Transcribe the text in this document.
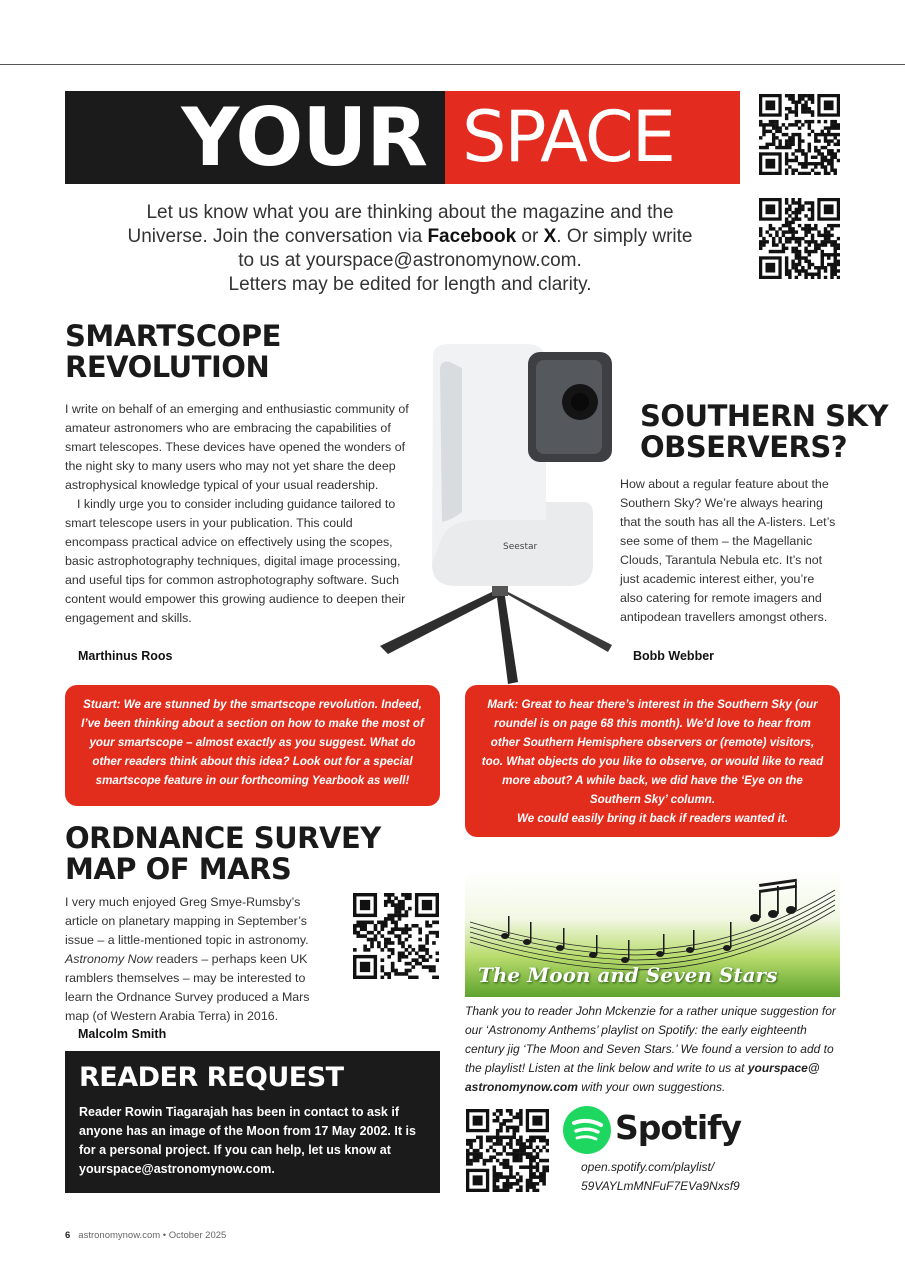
YOUR SPACE
Let us know what you are thinking about the magazine and the
Universe. Join the conversation via Facebook or X. Or simply write
to us at yourspace@astronomynow.com.
Letters may be edited for length and clarity.
SMARTSCOPE
REVOLUTION

I write on behalf of an emerging and enthusiastic community of amateur astronomers who are embracing the capabilities of smart telescopes. These devices have opened the wonders of the night sky to many users who may not yet share the deep astrophysical knowledge typical of your usual readership.

I kindly urge you to consider including guidance tailored to smart telescope users in your publication. This could encompass practical advice on effectively using the scopes, basic astrophotography techniques, digital image processing, and useful tips for common astrophotography software. Such content would empower this growing audience to deepen their engagement and skills.

Marthinus Roos
Seestar
SOUTHERN SKY
OBSERVERS?

How about a regular feature about the Southern Sky? We’re always hearing that the south has all the A-listers. Let’s see some of them – the Magellanic Clouds, Tarantula Nebula etc. It’s not just academic interest either, you’re also catering for remote imagers and antipodean travellers amongst others.

Bobb Webber
Stuart: We are stunned by the smartscope revolution. Indeed, I’ve been thinking about a section on how to make the most of your smartscope – almost exactly as you suggest. What do other readers think about this idea? Look out for a special smartscope feature in our forthcoming Yearbook as well!
Mark: Great to hear there’s interest in the Southern Sky (our roundel is on page 68 this month). We’d love to hear from other Southern Hemisphere observers or (remote) visitors, too. What objects do you like to observe, or would like to read more about? A while back, we did have the ‘Eye on the Southern Sky’ column.
We could easily bring it back if readers wanted it.
ORDNANCE SURVEY
MAP OF MARS

I very much enjoyed Greg Smye-Rumsby’s article on planetary mapping in September’s issue – a little-mentioned topic in astronomy. Astronomy Now readers – perhaps keen UK ramblers themselves – may be interested to learn the Ordnance Survey produced a Mars map (of Western Arabia Terra) in 2016.

Malcolm Smith
The Moon and Seven Stars
Thank you to reader John Mckenzie for a rather unique suggestion for our ‘Astronomy Anthems’ playlist on Spotify: the early eighteenth century jig ‘The Moon and Seven Stars.’ We found a version to add to the playlist! Listen at the link below and write to us at yourspace@ astronomynow.com with your own suggestions.
READER REQUEST
Reader Rowin Tiagarajah has been in contact to ask if anyone has an image of the Moon from 17 May 2002. It is for a personal project. If you can help, let us know at yourspace@astronomynow.com.
Spotify
open.spotify.com/playlist/
59VAYLmMNFuF7EVa9Nxsf9
6 astronomynow.com • October 2025
